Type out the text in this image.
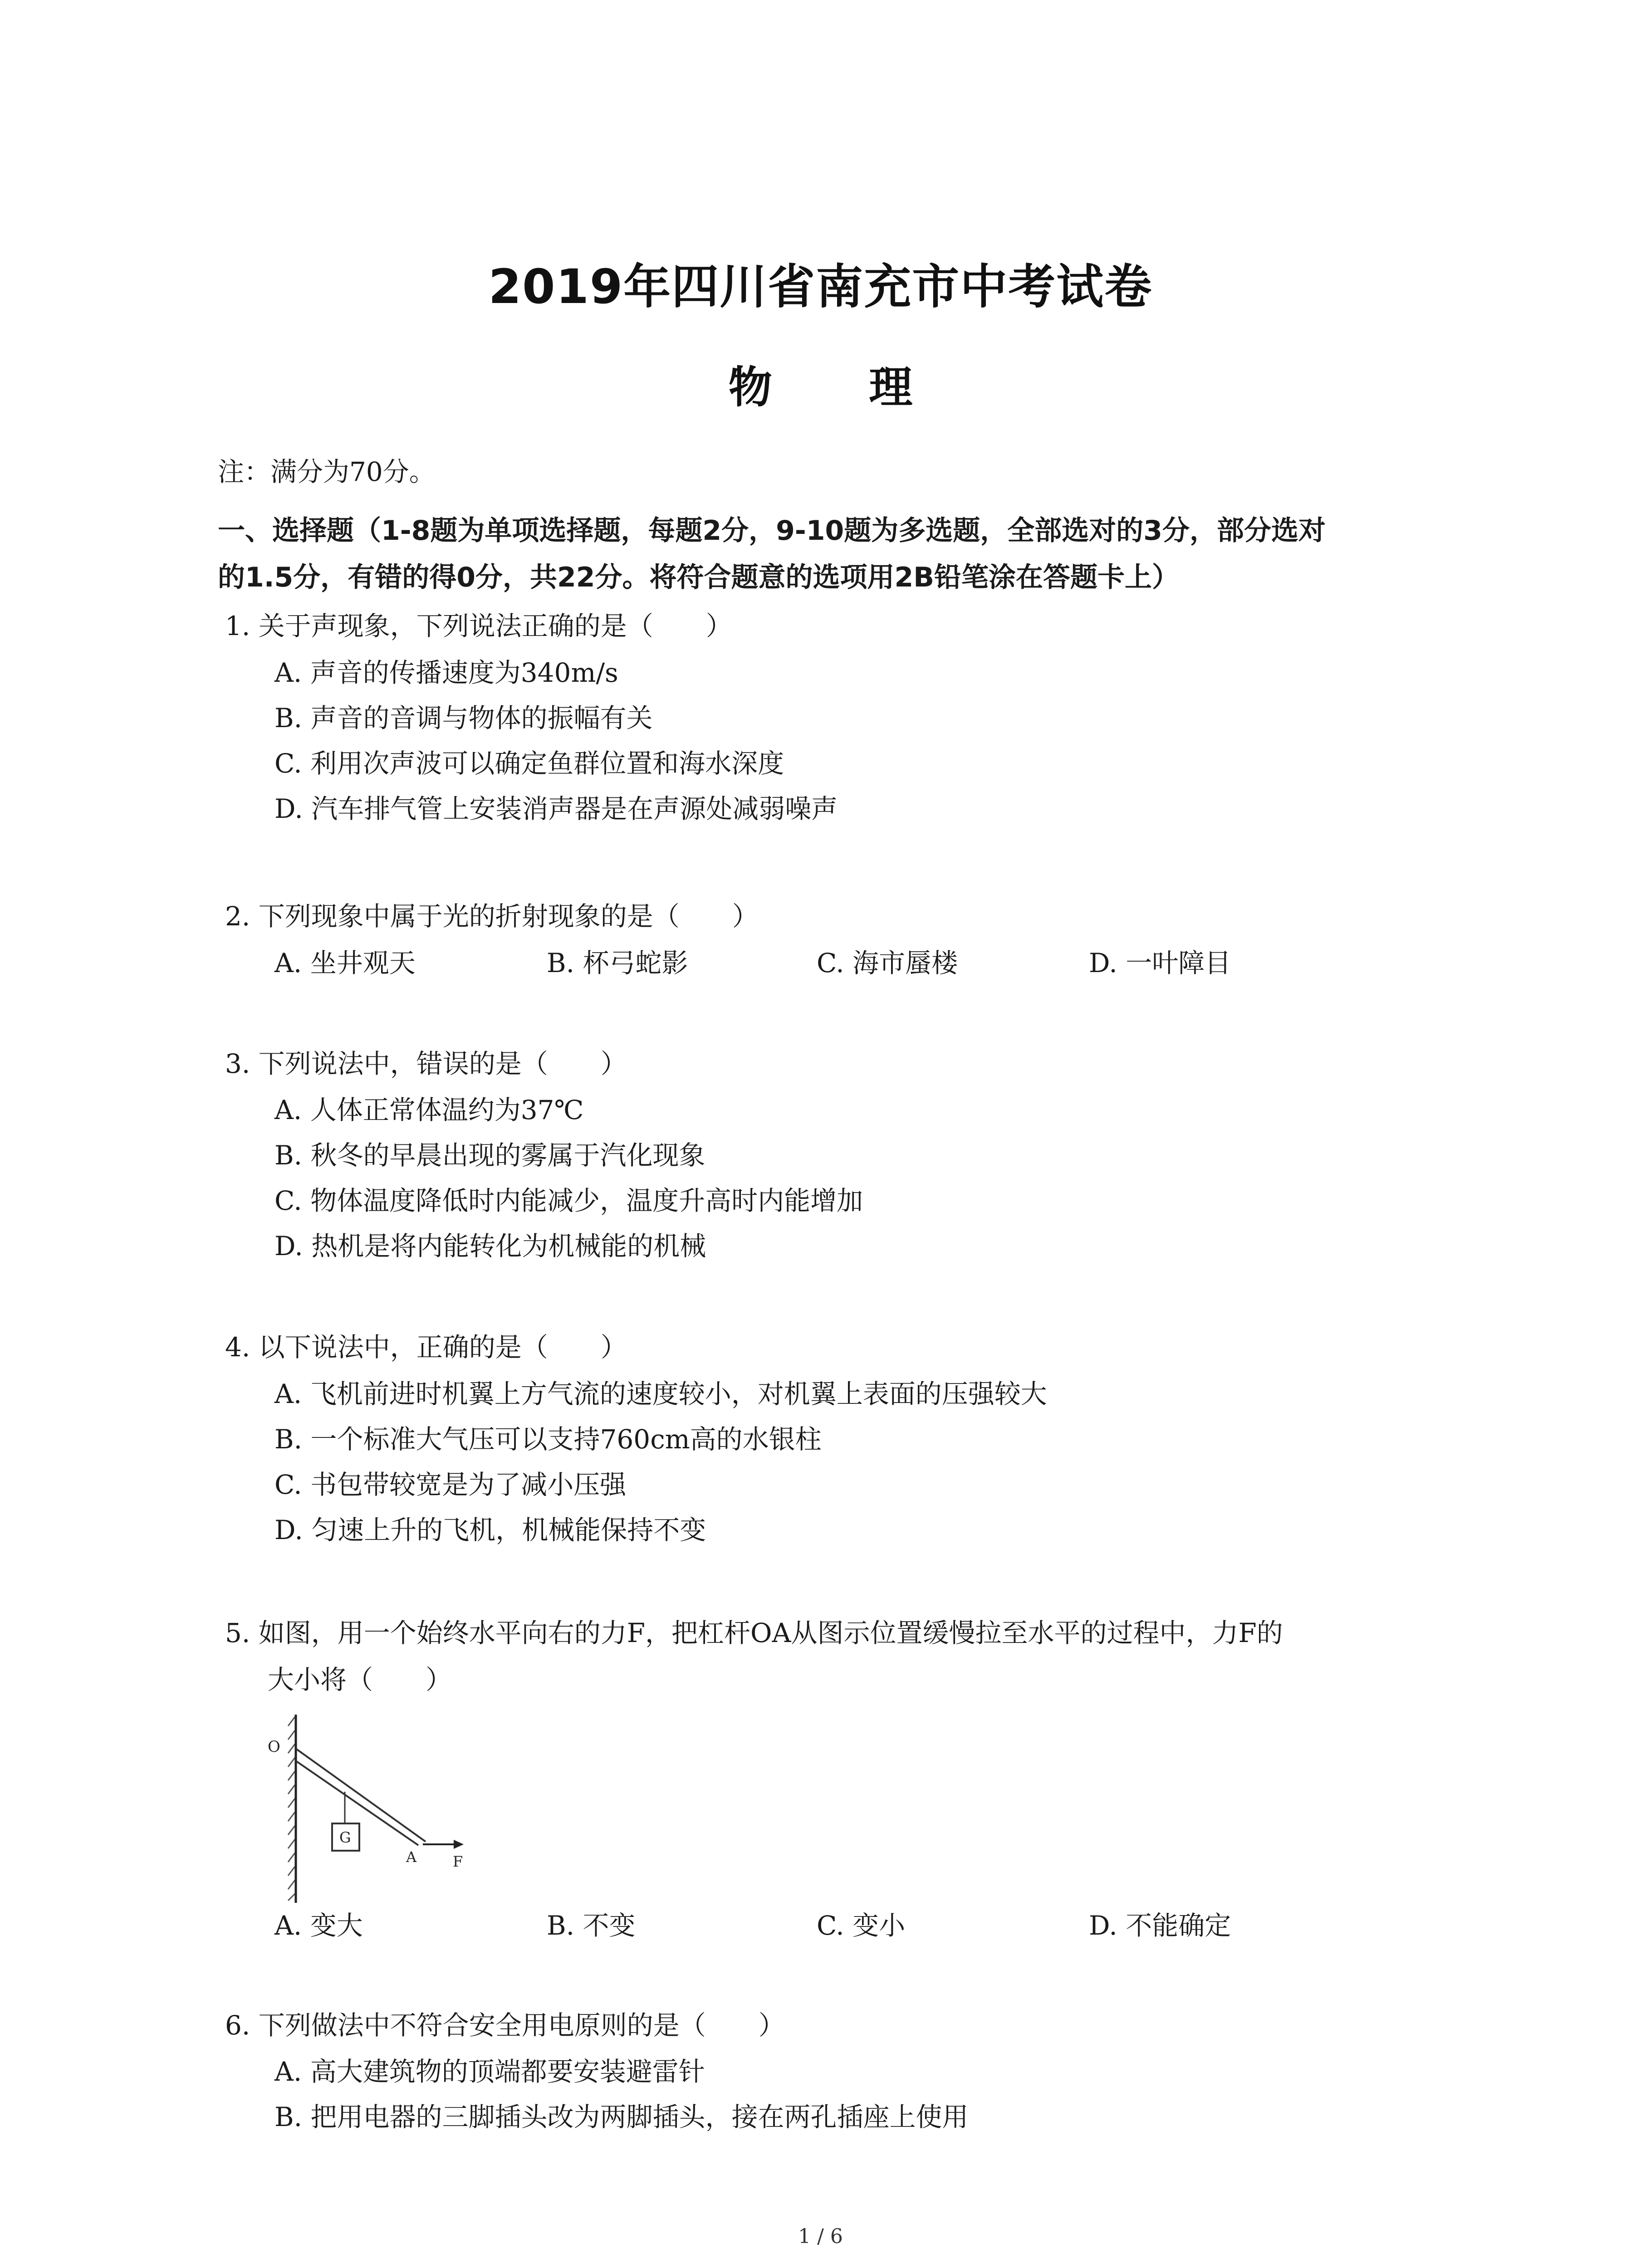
2019年四川省南充市中考试卷
物 理
注：满分为70分。
一、选择题（1-8题为单项选择题，每题2分，9-10题为多选题，全部选对的3分，部分选对
的1.5分，有错的得0分，共22分。将符合题意的选项用2B铅笔涂在答题卡上）
1. 关于声现象，下列说法正确的是（　　）
A. 声音的传播速度为340m/s
B. 声音的音调与物体的振幅有关
C. 利用次声波可以确定鱼群位置和海水深度
D. 汽车排气管上安装消声器是在声源处减弱噪声
2. 下列现象中属于光的折射现象的是（　　）
A. 坐井观天	B. 杯弓蛇影	C. 海市蜃楼	D. 一叶障目
3. 下列说法中，错误的是（　　）
A. 人体正常体温约为37℃
B. 秋冬的早晨出现的雾属于汽化现象
C. 物体温度降低时内能减少，温度升高时内能增加
D. 热机是将内能转化为机械能的机械
4. 以下说法中，正确的是（　　）
A. 飞机前进时机翼上方气流的速度较小，对机翼上表面的压强较大
B. 一个标准大气压可以支持760cm高的水银柱
C. 书包带较宽是为了减小压强
D. 匀速上升的飞机，机械能保持不变
5. 如图，用一个始终水平向右的力F，把杠杆OA从图示位置缓慢拉至水平的过程中，力F的
大小将（　　）
O
G
A F
A. 变大	B. 不变	C. 变小	D. 不能确定
6. 下列做法中不符合安全用电原则的是（　　）
A. 高大建筑物的顶端都要安装避雷针
B. 把用电器的三脚插头改为两脚插头，接在两孔插座上使用
1 / 6
